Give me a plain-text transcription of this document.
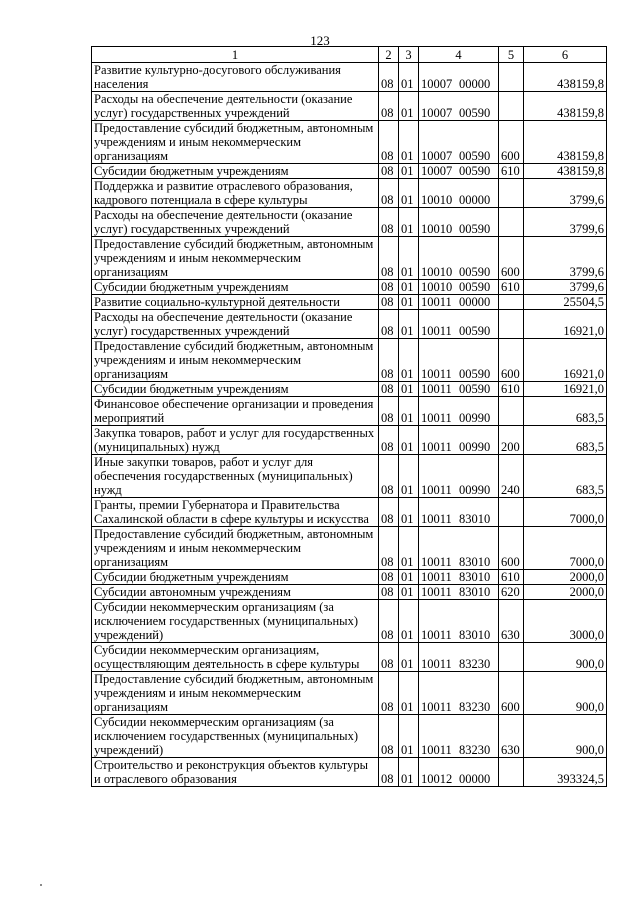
123
1	2	3	4	5	6
Развитие культурно-досугового обслуживания населения	08	01	10007 00000		438159,8
Расходы на обеспечение деятельности (оказание услуг) государственных учреждений	08	01	10007 00590		438159,8
Предоставление субсидий бюджетным, автономным учреждениям и иным некоммерческим организациям	08	01	10007 00590	600	438159,8
Субсидии бюджетным учреждениям	08	01	10007 00590	610	438159,8
Поддержка и развитие отраслевого образования, кадрового потенциала в сфере культуры	08	01	10010 00000		3799,6
Расходы на обеспечение деятельности (оказание услуг) государственных учреждений	08	01	10010 00590		3799,6
Предоставление субсидий бюджетным, автономным учреждениям и иным некоммерческим организациям	08	01	10010 00590	600	3799,6
Субсидии бюджетным учреждениям	08	01	10010 00590	610	3799,6
Развитие социально-культурной деятельности	08	01	10011 00000		25504,5
Расходы на обеспечение деятельности (оказание услуг) государственных учреждений	08	01	10011 00590		16921,0
Предоставление субсидий бюджетным, автономным учреждениям и иным некоммерческим организациям	08	01	10011 00590	600	16921,0
Субсидии бюджетным учреждениям	08	01	10011 00590	610	16921,0
Финансовое обеспечение организации и проведения мероприятий	08	01	10011 00990		683,5
Закупка товаров, работ и услуг для государственных (муниципальных) нужд	08	01	10011 00990	200	683,5
Иные закупки товаров, работ и услуг для обеспечения государственных (муниципальных) нужд	08	01	10011 00990	240	683,5
Гранты, премии Губернатора и Правительства Сахалинской области в сфере культуры и искусства	08	01	10011 83010		7000,0
Предоставление субсидий бюджетным, автономным учреждениям и иным некоммерческим организациям	08	01	10011 83010	600	7000,0
Субсидии бюджетным учреждениям	08	01	10011 83010	610	2000,0
Субсидии автономным учреждениям	08	01	10011 83010	620	2000,0
Субсидии некоммерческим организациям (за исключением государственных (муниципальных) учреждений)	08	01	10011 83010	630	3000,0
Субсидии некоммерческим организациям, осуществляющим деятельность в сфере культуры	08	01	10011 83230		900,0
Предоставление субсидий бюджетным, автономным учреждениям и иным некоммерческим организациям	08	01	10011 83230	600	900,0
Субсидии некоммерческим организациям (за исключением государственных (муниципальных) учреждений)	08	01	10011 83230	630	900,0
Строительство и реконструкция объектов культуры и отраслевого образования	08	01	10012 00000		393324,5
